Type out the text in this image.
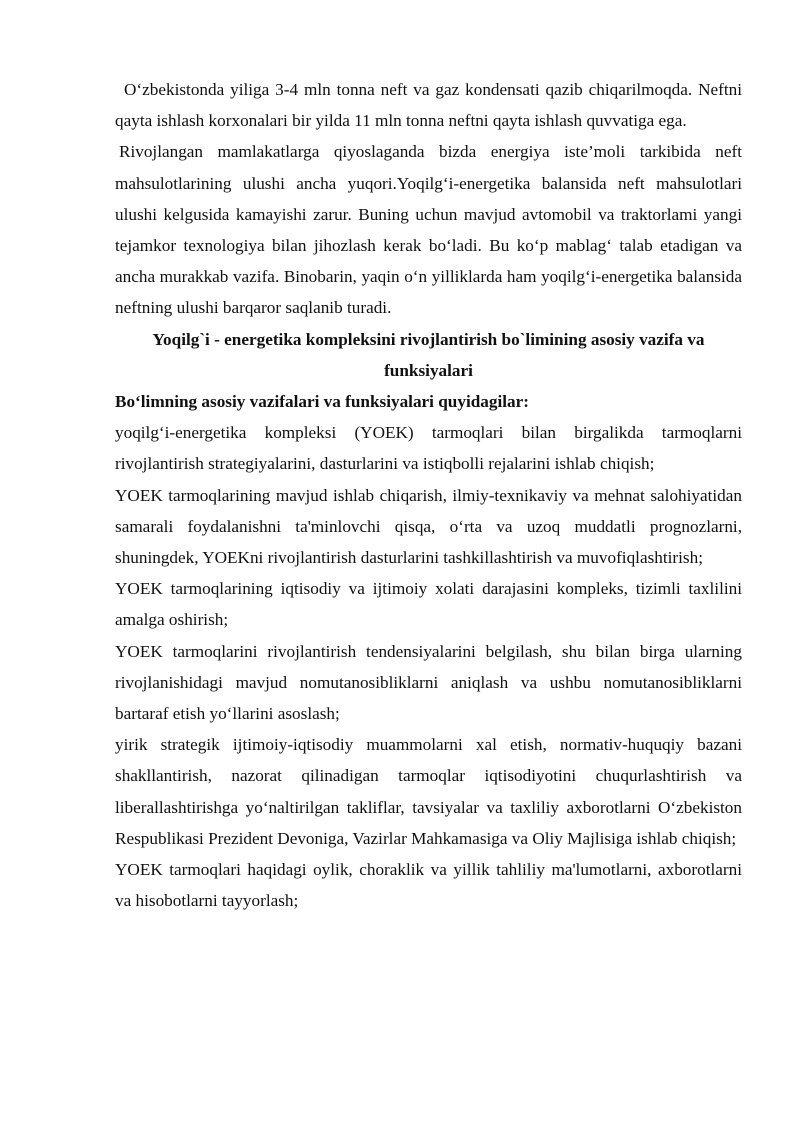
O‘zbekistonda yiliga 3-4 mln tonna neft va gaz kondensati qazib chiqarilmoqda. Neftni qayta ishlash korxonalari bir yilda 11 mln tonna neftni qayta ishlash quvvatiga ega.

Rivojlangan mamlakatlarga qiyoslaganda bizda energiya iste’moli tarkibida neft mahsulotlarining ulushi ancha yuqori.Yoqilg‘i-energetika balansida neft mahsulotlari ulushi kelgusida kamayishi zarur. Buning uchun mavjud avtomobil va traktorlami yangi tejamkor texnologiya bilan jihozlash kerak bo‘ladi. Bu ko‘p mablag‘ talab etadigan va ancha murakkab vazifa. Binobarin, yaqin o‘n yilliklarda ham yoqilg‘i-energetika balansida neftning ulushi barqaror saqlanib turadi.

Yoqilg`i - energetika kompleksini rivojlantirish bo`limining asosiy vazifa va funksiyalari

Bo‘limning asosiy vazifalari va funksiyalari quyidagilar:

yoqilg‘i-energetika kompleksi (YOEK) tarmoqlari bilan birgalikda tarmoqlarni rivojlantirish strategiyalarini, dasturlarini va istiqbolli rejalarini ishlab chiqish;

YOEK tarmoqlarining mavjud ishlab chiqarish, ilmiy-texnikaviy va mehnat salohiyatidan samarali foydalanishni ta'minlovchi qisqa, o‘rta va uzoq muddatli prognozlarni, shuningdek, YOEKni rivojlantirish dasturlarini tashkillashtirish va muvofiqlashtirish;

YOEK tarmoqlarining iqtisodiy va ijtimoiy xolati darajasini kompleks, tizimli taxlilini amalga oshirish;

YOEK tarmoqlarini rivojlantirish tendensiyalarini belgilash, shu bilan birga ularning rivojlanishidagi mavjud nomutanosibliklarni aniqlash va ushbu nomutanosibliklarni bartaraf etish yo‘llarini asoslash;

yirik strategik ijtimoiy-iqtisodiy muammolarni xal etish, normativ-huquqiy bazani shakllantirish, nazorat qilinadigan tarmoqlar iqtisodiyotini chuqurlashtirish va liberallashtirishga yo‘naltirilgan takliflar, tavsiyalar va taxliliy axborotlarni O‘zbekiston Respublikasi Prezident Devoniga, Vazirlar Mahkamasiga va Oliy Majlisiga ishlab chiqish;

YOEK tarmoqlari haqidagi oylik, choraklik va yillik tahliliy ma'lumotlarni, axborotlarni va hisobotlarni tayyorlash;
